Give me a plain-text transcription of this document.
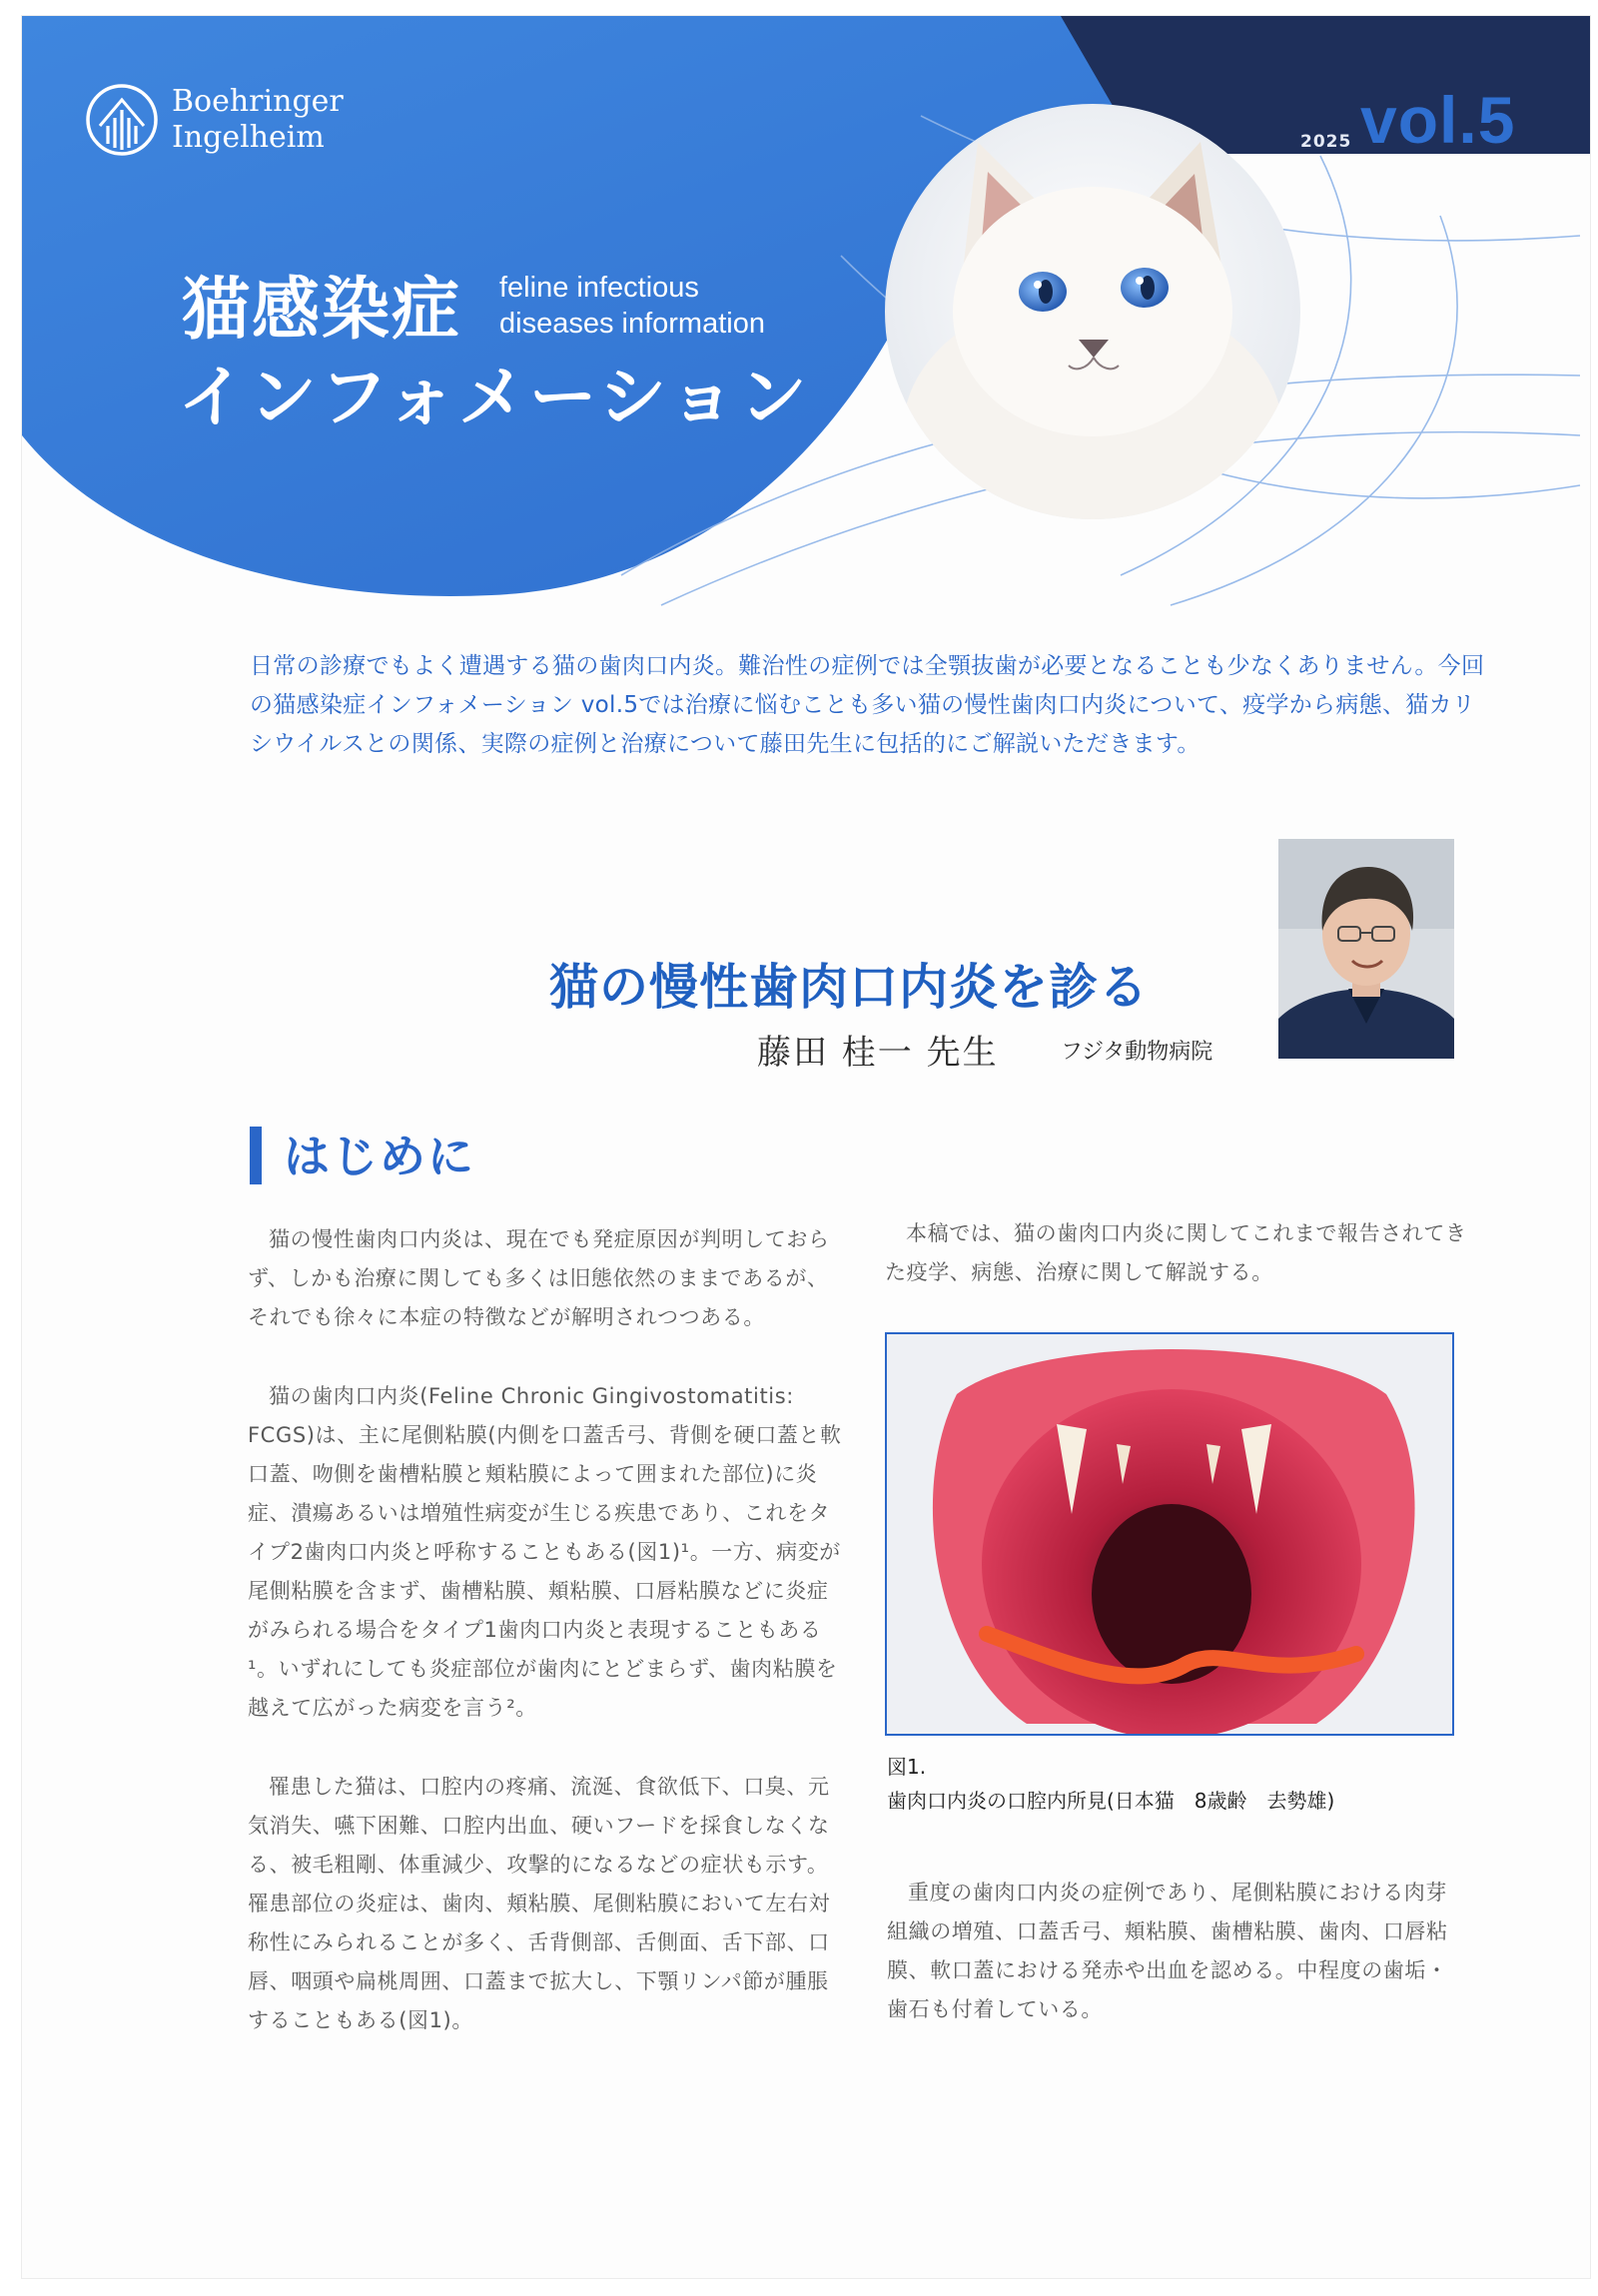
Boehringer
Ingelheim	2025 vol.5
猫感染症 feline infectious
diseases information
インフォメーション
日常の診療でもよく遭遇する猫の歯肉口内炎。難治性の症例では全顎抜歯が必要となることも少なくありません。今回の猫感染症インフォメーション vol.5では治療に悩むことも多い猫の慢性歯肉口内炎について、疫学から病態、猫カリシウイルスとの関係、実際の症例と治療について藤田先生に包括的にご解説いただきます。
猫の慢性歯肉口内炎を診る
藤田 桂一 先生	フジタ動物病院
はじめに

猫の慢性歯肉口内炎は、現在でも発症原因が判明しておらず、しかも治療に関しても多くは旧態依然のままであるが、それでも徐々に本症の特徴などが解明されつつある。

猫の歯肉口内炎(Feline Chronic Gingivostomatitis: FCGS)は、主に尾側粘膜(内側を口蓋舌弓、背側を硬口蓋と軟口蓋、吻側を歯槽粘膜と頬粘膜によって囲まれた部位)に炎症、潰瘍あるいは増殖性病変が生じる疾患であり、これをタイプ2歯肉口内炎と呼称することもある(図1)¹。一方、病変が尾側粘膜を含まず、歯槽粘膜、頬粘膜、口唇粘膜などに炎症がみられる場合をタイプ1歯肉口内炎と表現することもある¹。いずれにしても炎症部位が歯肉にとどまらず、歯肉粘膜を越えて広がった病変を言う²。

罹患した猫は、口腔内の疼痛、流涎、食欲低下、口臭、元気消失、嚥下困難、口腔内出血、硬いフードを採食しなくなる、被毛粗剛、体重減少、攻撃的になるなどの症状も示す。罹患部位の炎症は、歯肉、頬粘膜、尾側粘膜において左右対称性にみられることが多く、舌背側部、舌側面、舌下部、口唇、咽頭や扁桃周囲、口蓋まで拡大し、下顎リンパ節が腫脹することもある(図1)。

本稿では、猫の歯肉口内炎に関してこれまで報告されてきた疫学、病態、治療に関して解説する。

図1.
歯肉口内炎の口腔内所見(日本猫　8歳齢　去勢雄)

重度の歯肉口内炎の症例であり、尾側粘膜における肉芽組織の増殖、口蓋舌弓、頬粘膜、歯槽粘膜、歯肉、口唇粘膜、軟口蓋における発赤や出血を認める。中程度の歯垢・歯石も付着している。
